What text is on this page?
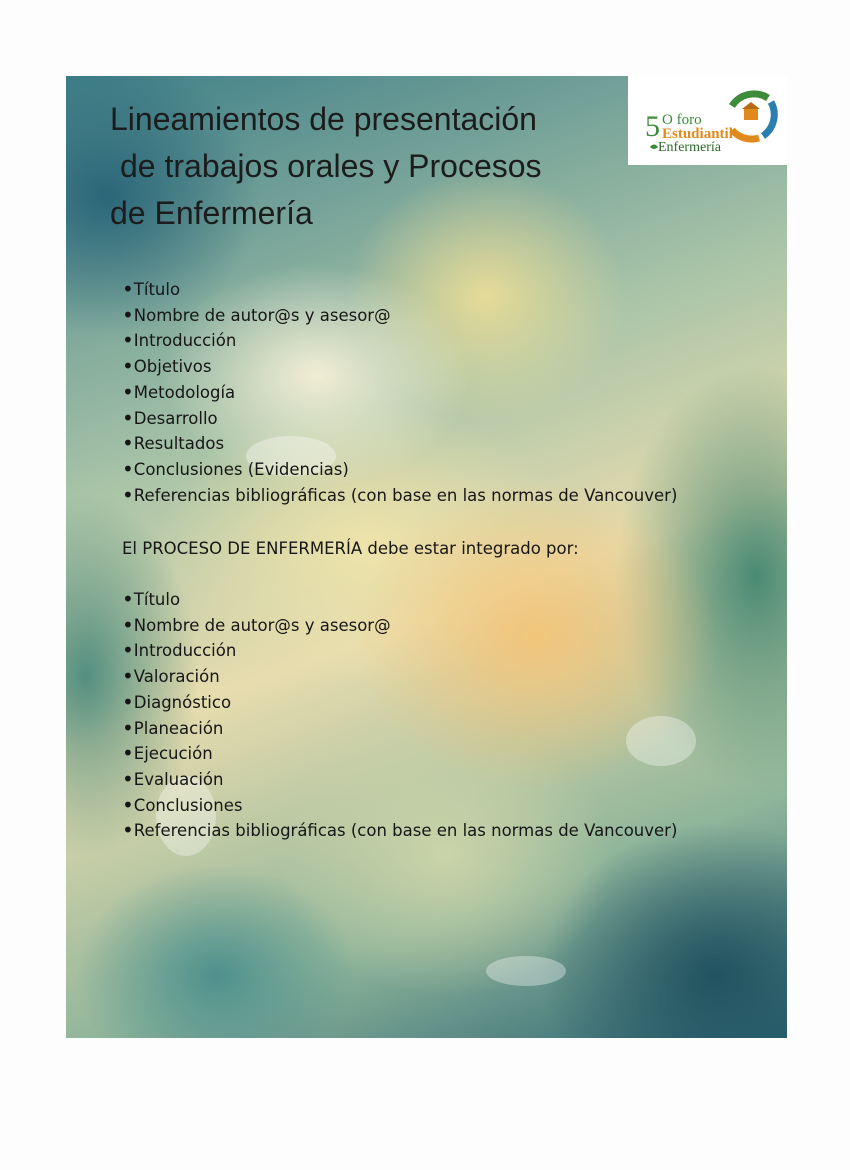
Lineamientos de presentación
de trabajos orales y Procesos
de Enfermería
5 O foro
Estudiantil
Enfermería
• Título
• Nombre de autor@s y asesor@
• Introducción
• Objetivos
• Metodología
• Desarrollo
• Resultados
• Conclusiones (Evidencias)
• Referencias bibliográficas (con base en las normas de Vancouver)

El PROCESO DE ENFERMERÍA debe estar integrado por:

• Título
• Nombre de autor@s y asesor@
• Introducción
• Valoración
• Diagnóstico
• Planeación
• Ejecución
• Evaluación
• Conclusiones
• Referencias bibliográficas (con base en las normas de Vancouver)
